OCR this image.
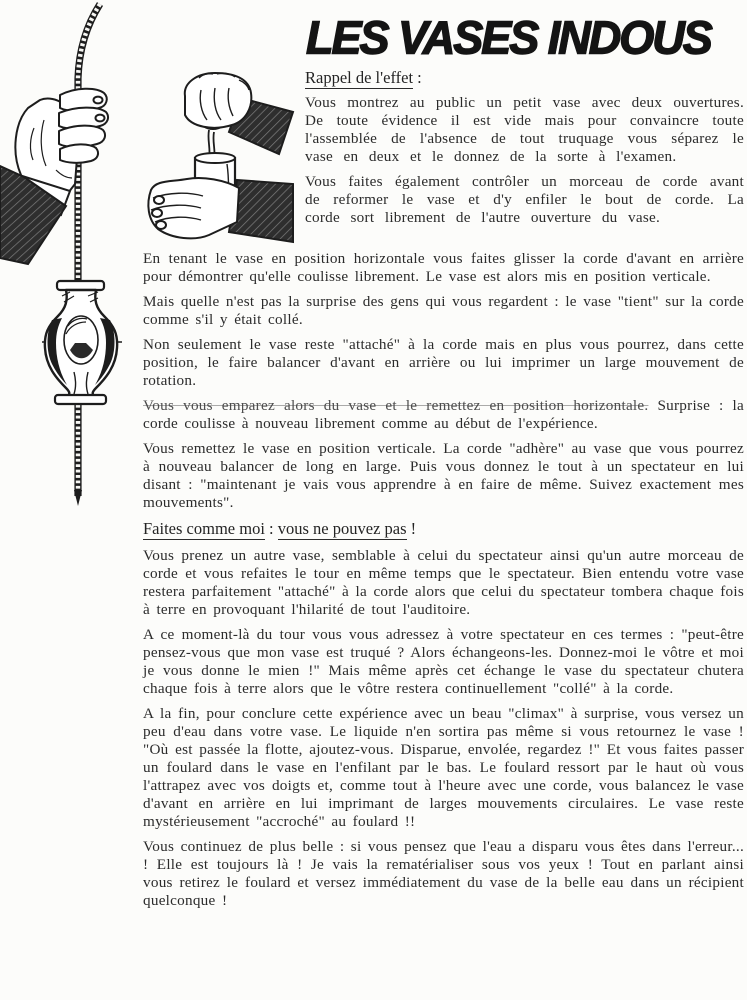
LES VASES INDOUS
Rappel de l'effet :

Vous montrez au public un petit vase avec deux ouvertures. De toute évidence il est vide mais pour convaincre toute l'assemblée de l'absence de tout truquage vous séparez le vase en deux et le donnez de la sorte à l'examen.

Vous faites également contrôler un morceau de corde avant de reformer le vase et d'y enfiler le bout de corde. La corde sort librement de l'autre ouverture du vase.

En tenant le vase en position horizontale vous faites glisser la corde d'avant en arrière pour démontrer qu'elle coulisse librement. Le vase est alors mis en position verticale.

Mais quelle n'est pas la surprise des gens qui vous regardent : le vase "tient" sur la corde comme s'il y était collé.

Non seulement le vase reste "attaché" à la corde mais en plus vous pourrez, dans cette position, le faire balancer d'avant en arrière ou lui imprimer un large mouvement de rotation.

Vous vous emparez alors du vase et le remettez en position horizontale. Surprise : la corde coulisse à nouveau librement comme au début de l'expérience.

Vous remettez le vase en position verticale. La corde "adhère" au vase que vous pourrez à nouveau balancer de long en large. Puis vous donnez le tout à un spectateur en lui disant : "maintenant je vais vous apprendre à en faire de même. Suivez exactement mes mouvements".

Faites comme moi : vous ne pouvez pas !

Vous prenez un autre vase, semblable à celui du spectateur ainsi qu'un autre morceau de corde et vous refaites le tour en même temps que le spectateur. Bien entendu votre vase restera parfaitement "attaché" à la corde alors que celui du spectateur tombera chaque fois à terre en provoquant l'hilarité de tout l'auditoire.

A ce moment-là du tour vous vous adressez à votre spectateur en ces termes : "peut-être pensez-vous que mon vase est truqué ? Alors échangeons-les. Donnez-moi le vôtre et moi je vous donne le mien !" Mais même après cet échange le vase du spectateur chutera chaque fois à terre alors que le vôtre restera continuellement "collé" à la corde.

A la fin, pour conclure cette expérience avec un beau "climax" à surprise, vous versez un peu d'eau dans votre vase. Le liquide n'en sortira pas même si vous retournez le vase ! "Où est passée la flotte, ajoutez-vous. Disparue, envolée, regardez !" Et vous faites passer un foulard dans le vase en l'enfilant par le bas. Le foulard ressort par le haut où vous l'attrapez avec vos doigts et, comme tout à l'heure avec une corde, vous balancez le vase d'avant en arrière en lui imprimant de larges mouvements circulaires. Le vase reste mystérieusement "accroché" au foulard !!

Vous continuez de plus belle : si vous pensez que l'eau a disparu vous êtes dans l'erreur... ! Elle est toujours là ! Je vais la rematérialiser sous vos yeux ! Tout en parlant ainsi vous retirez le foulard et versez immédiatement du vase de la belle eau dans un récipient quelconque !
